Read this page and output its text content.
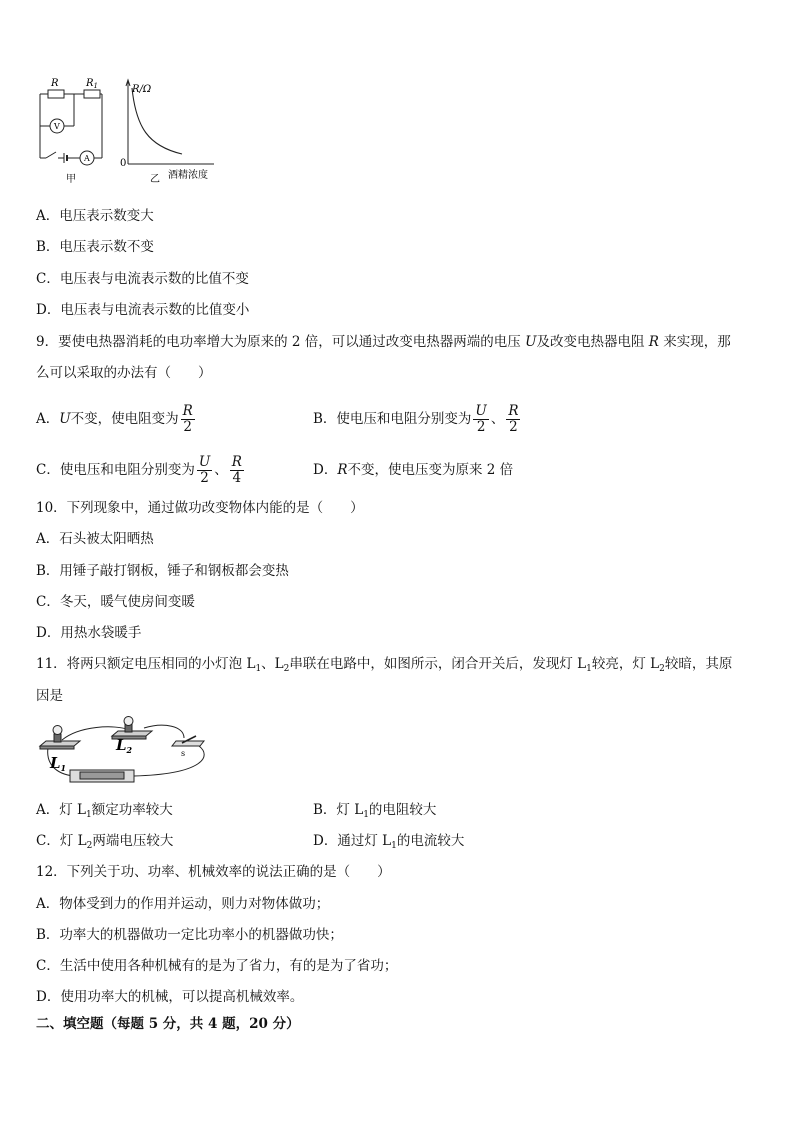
R	$R_1$
V
A
R/Ω
0
酒精浓度
甲	乙
A．电压表示数变大
B．电压表示数不变
C．电压表与电流表示数的比值不变
D．电压表与电流表示数的比值变小
9．要使电热器消耗的电功率增大为原来的 2 倍，可以通过改变电热器两端的电压 U及改变电热器电阻 R 来实现，那
么可以采取的办法有（　　）
A．U不变，使电阻变为 $\frac{R}{2}$	B．使电压和电阻分别变为 $\frac{U}{2}$ 、 $\frac{R}{2}$
C．使电压和电阻分别变为 $\frac{U}{2}$ 、 $\frac{R}{4}$	D．R不变，使电压变为原来 2 倍
10．下列现象中，通过做功改变物体内能的是（　　）
A．石头被太阳晒热
B．用锤子敲打钢板，锤子和钢板都会变热
C．冬天，暖气使房间变暖
D．用热水袋暖手
11．将两只额定电压相同的小灯泡 $L_1$、$L_2$串联在电路中，如图所示，闭合开关后，发现灯 $L_1$较亮，灯 $L_2$较暗，其原
因是
$L_1$
$L_2$	s
A．灯 $L_1$额定功率较大	B．灯 $L_1$的电阻较大
C．灯 $L_2$两端电压较大	D．通过灯 $L_1$的电流较大
12．下列关于功、功率、机械效率的说法正确的是（　　）
A．物体受到力的作用并运动，则力对物体做功；
B．功率大的机器做功一定比功率小的机器做功快；
C．生活中使用各种机械有的是为了省力，有的是为了省功；
D．使用功率大的机械，可以提高机械效率。
二、填空题（每题 5 分，共 4 题，20 分）
